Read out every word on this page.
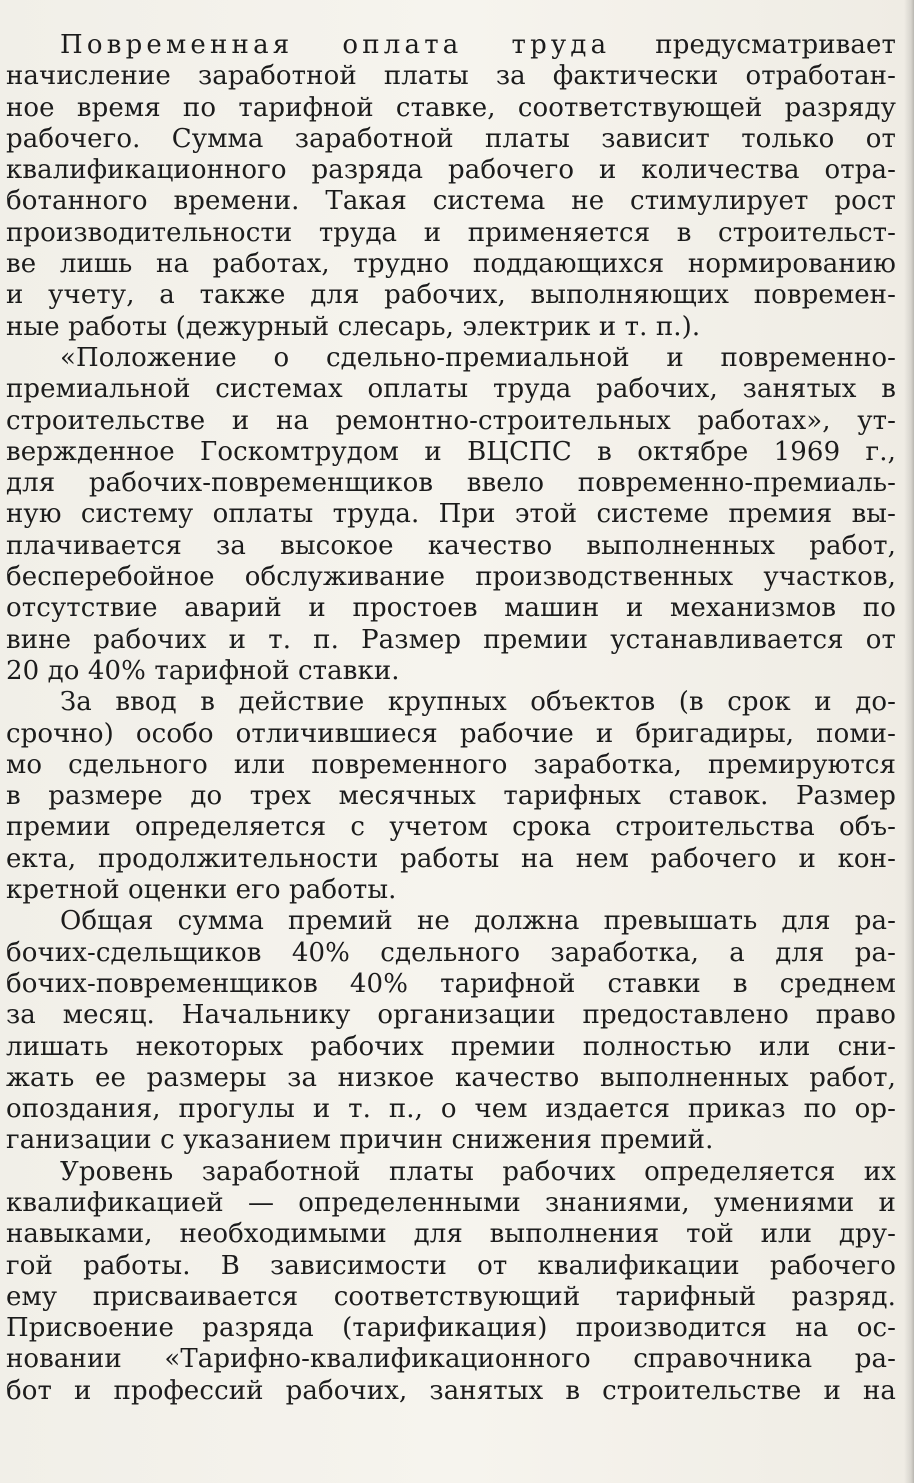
Повременная оплата труда предусматривает
начисление заработной платы за фактически отработан-
ное время по тарифной ставке, соответствующей разряду
рабочего. Сумма заработной платы зависит только от
квалификационного разряда рабочего и количества отра-
ботанного времени. Такая система не стимулирует рост
производительности труда и применяется в строительст-
ве лишь на работах, трудно поддающихся нормированию
и учету, а также для рабочих, выполняющих повремен-
ные работы (дежурный слесарь, электрик и т. п.).
«Положение о сдельно-премиальной и повременно-
премиальной системах оплаты труда рабочих, занятых в
строительстве и на ремонтно-строительных работах», ут-
вержденное Госкомтрудом и ВЦСПС в октябре 1969 г.,
для рабочих-повременщиков ввело повременно-премиаль-
ную систему оплаты труда. При этой системе премия вы-
плачивается за высокое качество выполненных работ,
бесперебойное обслуживание производственных участков,
отсутствие аварий и простоев машин и механизмов по
вине рабочих и т. п. Размер премии устанавливается от
20 до 40% тарифной ставки.
За ввод в действие крупных объектов (в срок и до-
срочно) особо отличившиеся рабочие и бригадиры, поми-
мо сдельного или повременного заработка, премируются
в размере до трех месячных тарифных ставок. Размер
премии определяется с учетом срока строительства объ-
екта, продолжительности работы на нем рабочего и кон-
кретной оценки его работы.
Общая сумма премий не должна превышать для ра-
бочих-сдельщиков 40% сдельного заработка, а для ра-
бочих-повременщиков 40% тарифной ставки в среднем
за месяц. Начальнику организации предоставлено право
лишать некоторых рабочих премии полностью или сни-
жать ее размеры за низкое качество выполненных работ,
опоздания, прогулы и т. п., о чем издается приказ по ор-
ганизации с указанием причин снижения премий.
Уровень заработной платы рабочих определяется их
квалификацией — определенными знаниями, умениями и
навыками, необходимыми для выполнения той или дру-
гой работы. В зависимости от квалификации рабочего
ему присваивается соответствующий тарифный разряд.
Присвоение разряда (тарификация) производится на ос-
новании «Тарифно-квалификационного справочника ра-
бот и профессий рабочих, занятых в строительстве и на
